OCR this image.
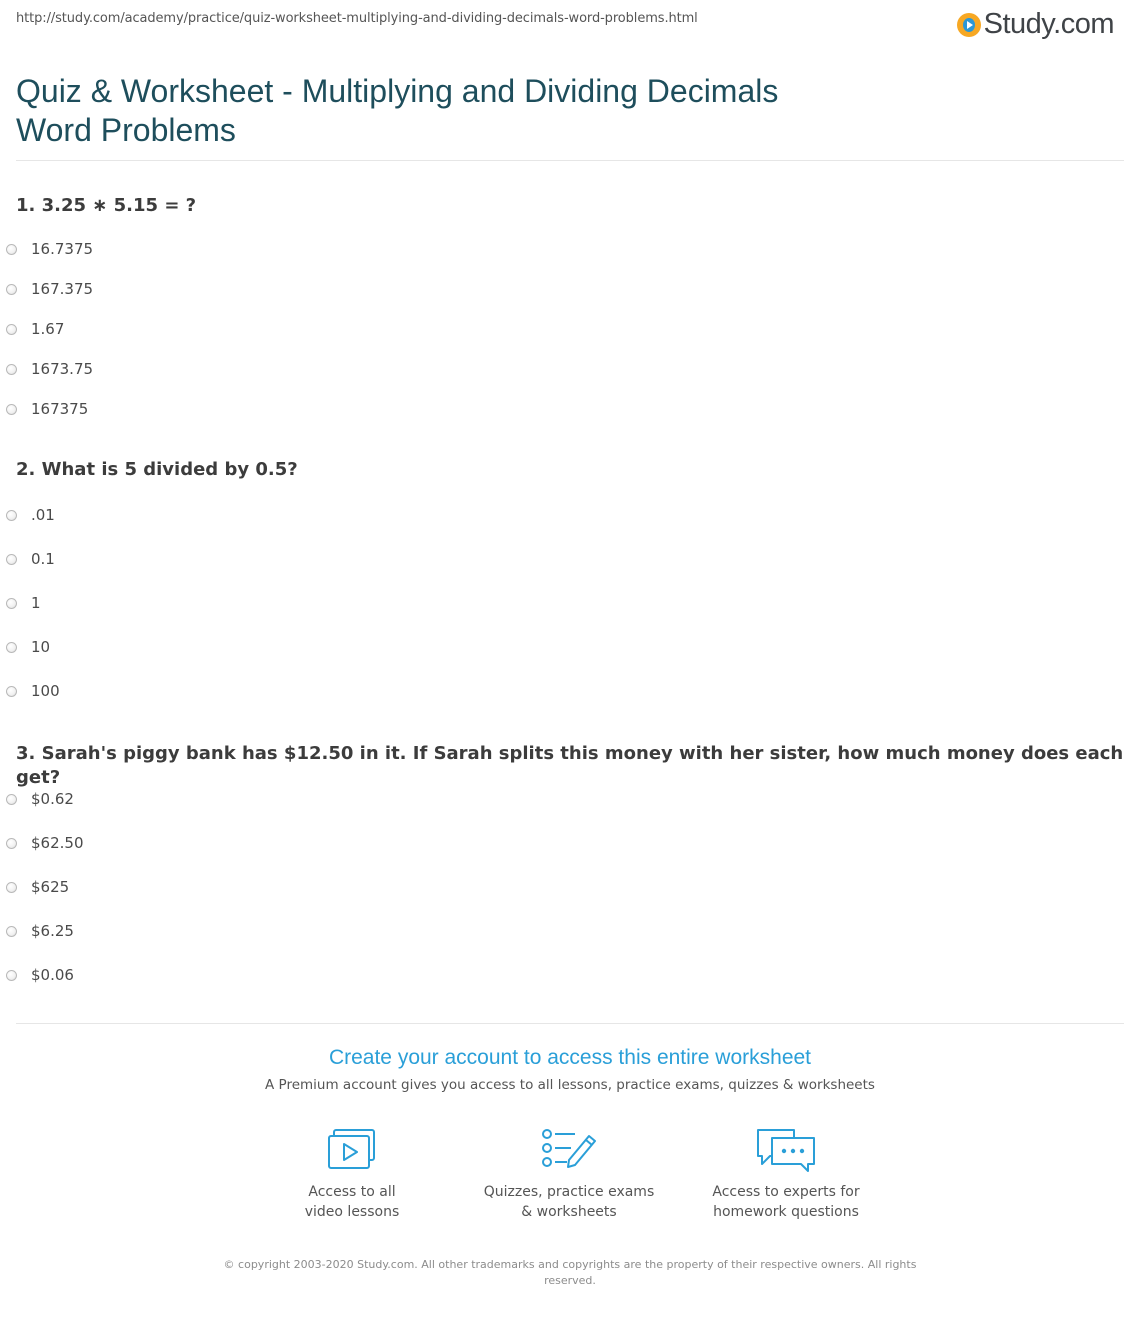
http://study.com/academy/practice/quiz-worksheet-multiplying-and-dividing-decimals-word-problems.html	Study.com
Quiz & Worksheet - Multiplying and Dividing Decimals Word Problems
1. 3.25 ∗ 5.15 = ?
16.7375
167.375
1.67
1673.75
167375
2. What is 5 divided by 0.5?
.01
0.1
1
10
100
3. Sarah's piggy bank has $12.50 in it. If Sarah splits this money with her sister, how much money does each get?
$0.62
$62.50
$625
$6.25
$0.06
Create your account to access this entire worksheet
A Premium account gives you access to all lessons, practice exams, quizzes & worksheets
Access to all
video lessons
Quizzes, practice exams
& worksheets
Access to experts for
homework questions
© copyright 2003-2020 Study.com. All other trademarks and copyrights are the property of their respective owners. All rights reserved.
